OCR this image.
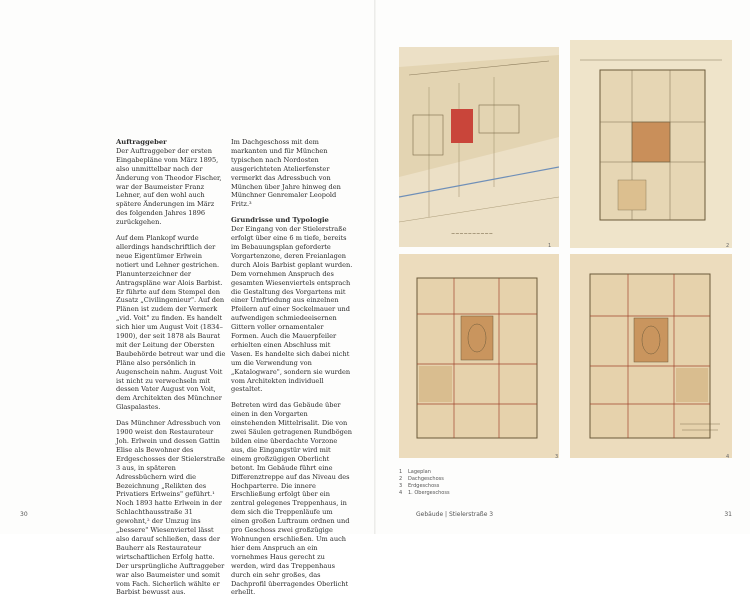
Auftraggeber
Der Auftraggeber der ersten Eingabepläne vom März 1895, also unmittelbar nach der Änderung von Theodor Fischer, war der Baumeister Franz Lehner, auf den wohl auch spätere Änderungen im März des folgenden Jahres 1896 zurückgehen.

Auf dem Plankopf wurde allerdings handschriftlich der neue Eigentümer Erlwein notiert und Lehner gestrichen. Planunterzeichner der Antragspläne war Alois Barbist. Er führte auf dem Stempel den Zusatz „Civilingenieur". Auf den Plänen ist zudem der Vermerk „vid. Voit" zu finden. Es handelt sich hier um August Voit (1834–1900), der seit 1878 als Baurat mit der Leitung der Obersten Baubehörde betreut war und die Pläne also persönlich in Augenschein nahm. August Voit ist nicht zu verwechseln mit dessen Vater August von Voit, dem Architekten des Münchner Glaspalastes.

Das Münchner Adressbuch von 1900 weist den Restaurateur Joh. Erlwein und dessen Gattin Elise als Bewohner des Erdgeschosses der Stielerstraße 3 aus, in späteren Adressbüchern wird die Bezeichnung „Relikten des Privatiers Erlweins" geführt.¹ Noch 1893 hatte Erlwein in der Schlachthausstraße 31 gewohnt,² der Umzug ins „bessere" Wiesenviertel lässt also darauf schließen, dass der Bauherr als Restaurateur wirtschaftlichen Erfolg hatte. Der ursprüngliche Auftraggeber war also Baumeister und somit vom Fach. Sicherlich wählte er Barbist bewusst aus.

Im Dachgeschoss mit dem markanten und für München typischen nach Nordosten ausgerichteten Atelierfenster vermerkt das Adressbuch von München über Jahre hinweg den Münchner Genremaler Leopold Fritz.³

Grundrisse und Typologie
Der Eingang von der Stielerstraße erfolgt über eine 6 m tiefe, bereits im Bebauungsplan geforderte Vorgartenzone, deren Freianlagen durch Alois Barbist geplant wurden. Dem vornehmen Anspruch des gesamten Wiesenviertels entsprach die Gestaltung des Vorgartens mit einer Umfriedung aus einzelnen Pfeilern auf einer Sockelmauer und aufwendigen schmiedeeisernen Gittern voller ornamentaler Formen. Auch die Mauerpfeiler erhielten einen Abschluss mit Vasen. Es handelte sich dabei nicht um die Verwendung von „Katalogware", sondern sie wurden vom Architekten individuell gestaltet.

Betreten wird das Gebäude über einen in den Vorgarten einstehenden Mittelrisalit. Die von zwei Säulen getragenen Rundbögen bilden eine überdachte Vorzone aus, die Eingangstür wird mit einem großzügigen Oberlicht betont. Im Gebäude führt eine Differenztreppe auf das Niveau des Hochparterre. Die innere Erschließung erfolgt über ein zentral gelegenes Treppenhaus, in dem sich die Treppenläufe um einen großen Luftraum ordnen und pro Geschoss zwei großzügige Wohnungen erschließen. Um auch hier dem Anspruch an ein vornehmes Haus gerecht zu werden, wird das Treppenhaus durch ein sehr großes, das Dachprofil überragendes Oberlicht erhellt.

~~~~~~~~~~
1	2
3	4
1 Lageplan
2 Dachgeschoss
3 Erdgeschoss
4 1. Obergeschoss
30	Gebäude | Stielerstraße 3	31
